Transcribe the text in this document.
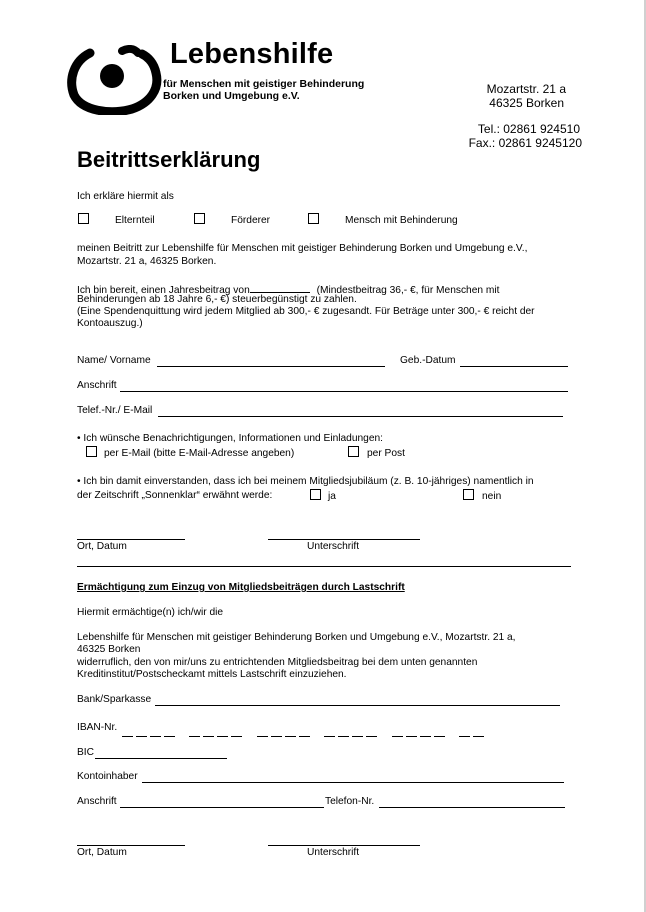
Lebenshilfe
für Menschen mit geistiger Behinderung
Borken und Umgebung e.V.	Mozartstr. 21 a
46325 Borken
Tel.: 02861 924510
Fax.: 02861 9245120
Beitrittserklärung
Ich erkläre hiermit als
Elternteil	Förderer	Mensch mit Behinderung
meinen Beitritt zur Lebenshilfe für Menschen mit geistiger Behinderung Borken und Umgebung e.V.,
Mozartstr. 21 a, 46325 Borken.
Ich bin bereit, einen Jahresbeitrag von	(Mindestbeitrag 36,- €, für Menschen mit
Behinderungen ab 18 Jahre 6,- €) steuerbegünstigt zu zahlen.
(Eine Spendenquittung wird jedem Mitglied ab 300,- € zugesandt. Für Beträge unter 300,- € reicht der
Kontoauszug.)
Name/ Vorname	Geb.-Datum
Anschrift
Telef.-Nr./ E-Mail
• Ich wünsche Benachrichtigungen, Informationen und Einladungen:
per E-Mail (bitte E-Mail-Adresse angeben)	per Post
• Ich bin damit einverstanden, dass ich bei meinem Mitgliedsjubiläum (z. B. 10-jähriges) namentlich in
der Zeitschrift „Sonnenklar“ erwähnt werde:	ja	nein
Ort, Datum	Unterschrift
Ermächtigung zum Einzug von Mitgliedsbeiträgen durch Lastschrift
Hiermit ermächtige(n) ich/wir die
Lebenshilfe für Menschen mit geistiger Behinderung Borken und Umgebung e.V., Mozartstr. 21 a,
46325 Borken
widerruflich, den von mir/uns zu entrichtenden Mitgliedsbeitrag bei dem unten genannten
Kreditinstitut/Postscheckamt mittels Lastschrift einzuziehen.
Bank/Sparkasse
IBAN-Nr.

BIC
Kontoinhaber
Anschrift	Telefon-Nr.
Ort, Datum	Unterschrift
